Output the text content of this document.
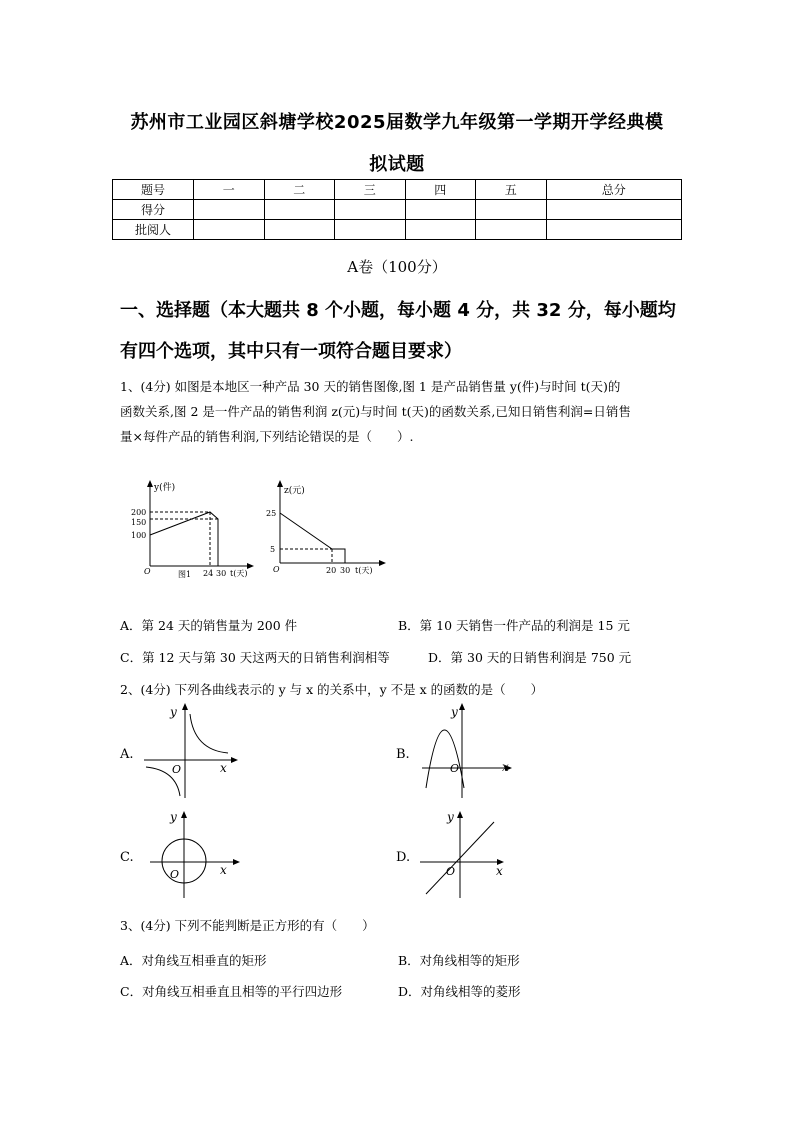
苏州市工业园区斜塘学校2025届数学九年级第一学期开学经典模
拟试题
题号	一	二	三	四	五	总分
得分						
批阅人						
A卷（100分）
一、选择题（本大题共 8 个小题，每小题 4 分，共 32 分，每小题均
有四个选项，其中只有一项符合题目要求）
1、(4分) 如图是本地区一种产品 30 天的销售图像,图 1 是产品销售量 y(件)与时间 t(天)的
函数关系,图 2 是一件产品的销售利润 z(元)与时间 t(天)的函数关系,已知日销售利润=日销售
量×每件产品的销售利润,下列结论错误的是（　　）.
y(件)
200
150
100
O	24 30 t(天)
图1
z(元)
25
5
O	20 30 t(天)
A．第 24 天的销售量为 200 件	B．第 10 天销售一件产品的利润是 15 元
C．第 12 天与第 30 天这两天的日销售利润相等	D．第 30 天的日销售利润是 750 元
2、(4分) 下列各曲线表示的 y 与 x 的关系中，y 不是 x 的函数的是（　　）
A.
y
O	x
B.
y
O	x
C.
y
O	x
D.
y
O	x
3、(4分) 下列不能判断是正方形的有（　　）
A．对角线互相垂直的矩形	B．对角线相等的矩形
C．对角线互相垂直且相等的平行四边形	D．对角线相等的菱形
